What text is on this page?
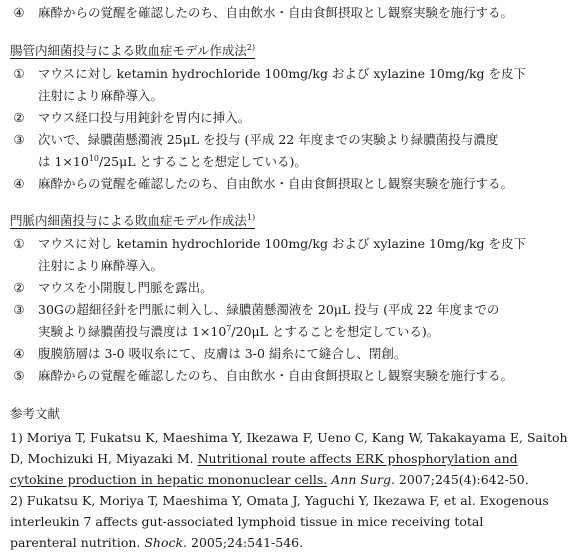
④ 麻酔からの覚醒を確認したのち、自由飲水・自由食餌摂取とし観察実験を施行する。
腸管内細菌投与による敗血症モデル作成法$^{2)}$
① マウスに対し ketamin hydrochloride 100mg/kg および xylazine 10mg/kg を皮下
注射により麻酔導入。
② マウス経口投与用鈍針を胃内に挿入。
③ 次いで、緑膿菌懸濁液 25μL を投与 (平成 22 年度までの実験より緑膿菌投与濃度
は $1\times 10^{10}/25\mu L$ とすることを想定している)。
④ 麻酔からの覚醒を確認したのち、自由飲水・自由食餌摂取とし観察実験を施行する。
門脈内細菌投与による敗血症モデル作成法$^{1)}$
① マウスに対し ketamin hydrochloride 100mg/kg および xylazine 10mg/kg を皮下
注射により麻酔導入。
② マウスを小開腹し門脈を露出。
③ 30Gの超細径針を門脈に刺入し、緑膿菌懸濁液を 20μL 投与 (平成 22 年度までの
実験より緑膿菌投与濃度は $1\times 10^7/20\mu L$ とすることを想定している)。
④ 腹膜筋層は 3-0 吸収糸にて、皮膚は 3-0 絹糸にて縫合し、閉創。
⑤ 麻酔からの覚醒を確認したのち、自由飲水・自由食餌摂取とし観察実験を施行する。
参考文献
1) Moriya T, Fukatsu K, Maeshima Y, Ikezawa F, Ueno C, Kang W, Takakayama E, Saitoh
D, Mochizuki H, Miyazaki M. Nutritional route affects ERK phosphorylation and
cytokine production in hepatic mononuclear cells. Ann Surg. 2007;245(4):642-50.
2) Fukatsu K, Moriya T, Maeshima Y, Omata J, Yaguchi Y, Ikezawa F, et al. Exogenous
interleukin 7 affects gut-associated lymphoid tissue in mice receiving total
parenteral nutrition. Shock. 2005;24:541-546.
